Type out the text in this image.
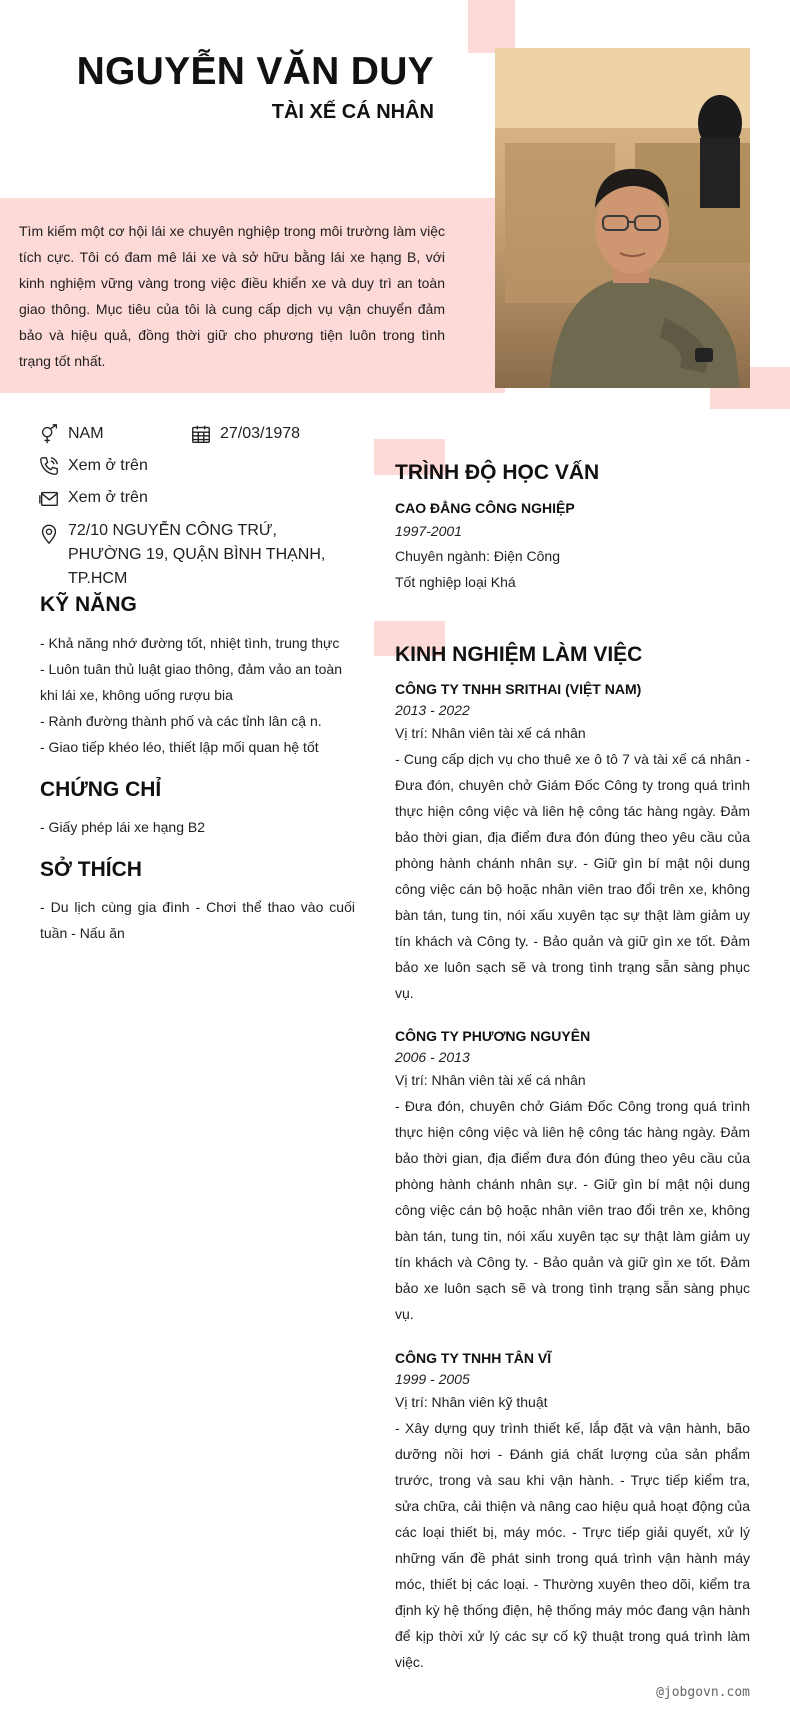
NGUYỄN VĂN DUY
TÀI XẾ CÁ NHÂN
Tìm kiếm một cơ hội lái xe chuyên nghiệp trong môi trường làm việc tích cực. Tôi có đam mê lái xe và sở hữu bằng lái xe hạng B, với kinh nghiệm vững vàng trong việc điều khiển xe và duy trì an toàn giao thông. Mục tiêu của tôi là cung cấp dịch vụ vận chuyển đảm bảo và hiệu quả, đồng thời giữ cho phương tiện luôn trong tình trạng tốt nhất.
NAM	27/03/1978
Xem ở trên
Xem ở trên
72/10 NGUYỄN CÔNG TRỨ, PHƯỜNG 19, QUẬN BÌNH THẠNH, TP.HCM
KỸ NĂNG

- Khả năng nhớ đường tốt, nhiệt tình, trung thực

- Luôn tuân thủ luật giao thông, đảm vảo an toàn khi lái xe, không uống rượu bia

- Rành đường thành phố và các tỉnh lân cậ n.

- Giao tiếp khéo léo, thiết lập mối quan hệ tốt

CHỨNG CHỈ

- Giấy phép lái xe hạng B2

SỞ THÍCH
- Du lịch cùng gia đình - Chơi thể thao vào cuối tuần - Nấu ăn
TRÌNH ĐỘ HỌC VẤN
CAO ĐẲNG CÔNG NGHIỆP
1997-2001
Chuyên ngành: Điện Công
Tốt nghiệp loại Khá
KINH NGHIỆM LÀM VIỆC
CÔNG TY TNHH SRITHAI (VIỆT NAM)
2013 - 2022
Vị trí: Nhân viên tài xế cá nhân
- Cung cấp dịch vụ cho thuê xe ô tô 7 và tài xế cá nhân - Đưa đón, chuyên chở Giám Đốc Công ty trong quá trình thực hiện công việc và liên hệ công tác hàng ngày. Đảm bảo thời gian, địa điểm đưa đón đúng theo yêu cầu của phòng hành chánh nhân sự. - Giữ gìn bí mật nội dung công việc cán bộ hoặc nhân viên trao đổi trên xe, không bàn tán, tung tin, nói xấu xuyên tạc sự thật làm giảm uy tín khách và Công ty. - Bảo quản và giữ gìn xe tốt. Đảm bảo xe luôn sạch sẽ và trong tình trạng sẵn sàng phục vụ.
CÔNG TY PHƯƠNG NGUYÊN
2006 - 2013
Vị trí: Nhân viên tài xế cá nhân
- Đưa đón, chuyên chở Giám Đốc Công trong quá trình thực hiện công việc và liên hệ công tác hàng ngày. Đảm bảo thời gian, địa điểm đưa đón đúng theo yêu cầu của phòng hành chánh nhân sự. - Giữ gìn bí mật nội dung công việc cán bộ hoặc nhân viên trao đổi trên xe, không bàn tán, tung tin, nói xấu xuyên tạc sự thật làm giảm uy tín khách và Công ty. - Bảo quản và giữ gìn xe tốt. Đảm bảo xe luôn sạch sẽ và trong tình trạng sẵn sàng phục vụ.
CÔNG TY TNHH TÂN VĨ
1999 - 2005
Vị trí: Nhân viên kỹ thuật
- Xây dựng quy trình thiết kế, lắp đặt và vận hành, bão dưỡng nồi hơi - Đánh giá chất lượng của sản phẩm trước, trong và sau khi vận hành. - Trực tiếp kiểm tra, sửa chữa, cải thiện và nâng cao hiệu quả hoạt động của các loại thiết bị, máy móc. - Trực tiếp giải quyết, xử lý những vấn đề phát sinh trong quá trình vận hành máy móc, thiết bị các loại. - Thường xuyên theo dõi, kiểm tra định kỳ hệ thống điện, hệ thống máy móc đang vận hành để kịp thời xử lý các sự cố kỹ thuật trong quá trình làm việc.
@jobgovn.com
